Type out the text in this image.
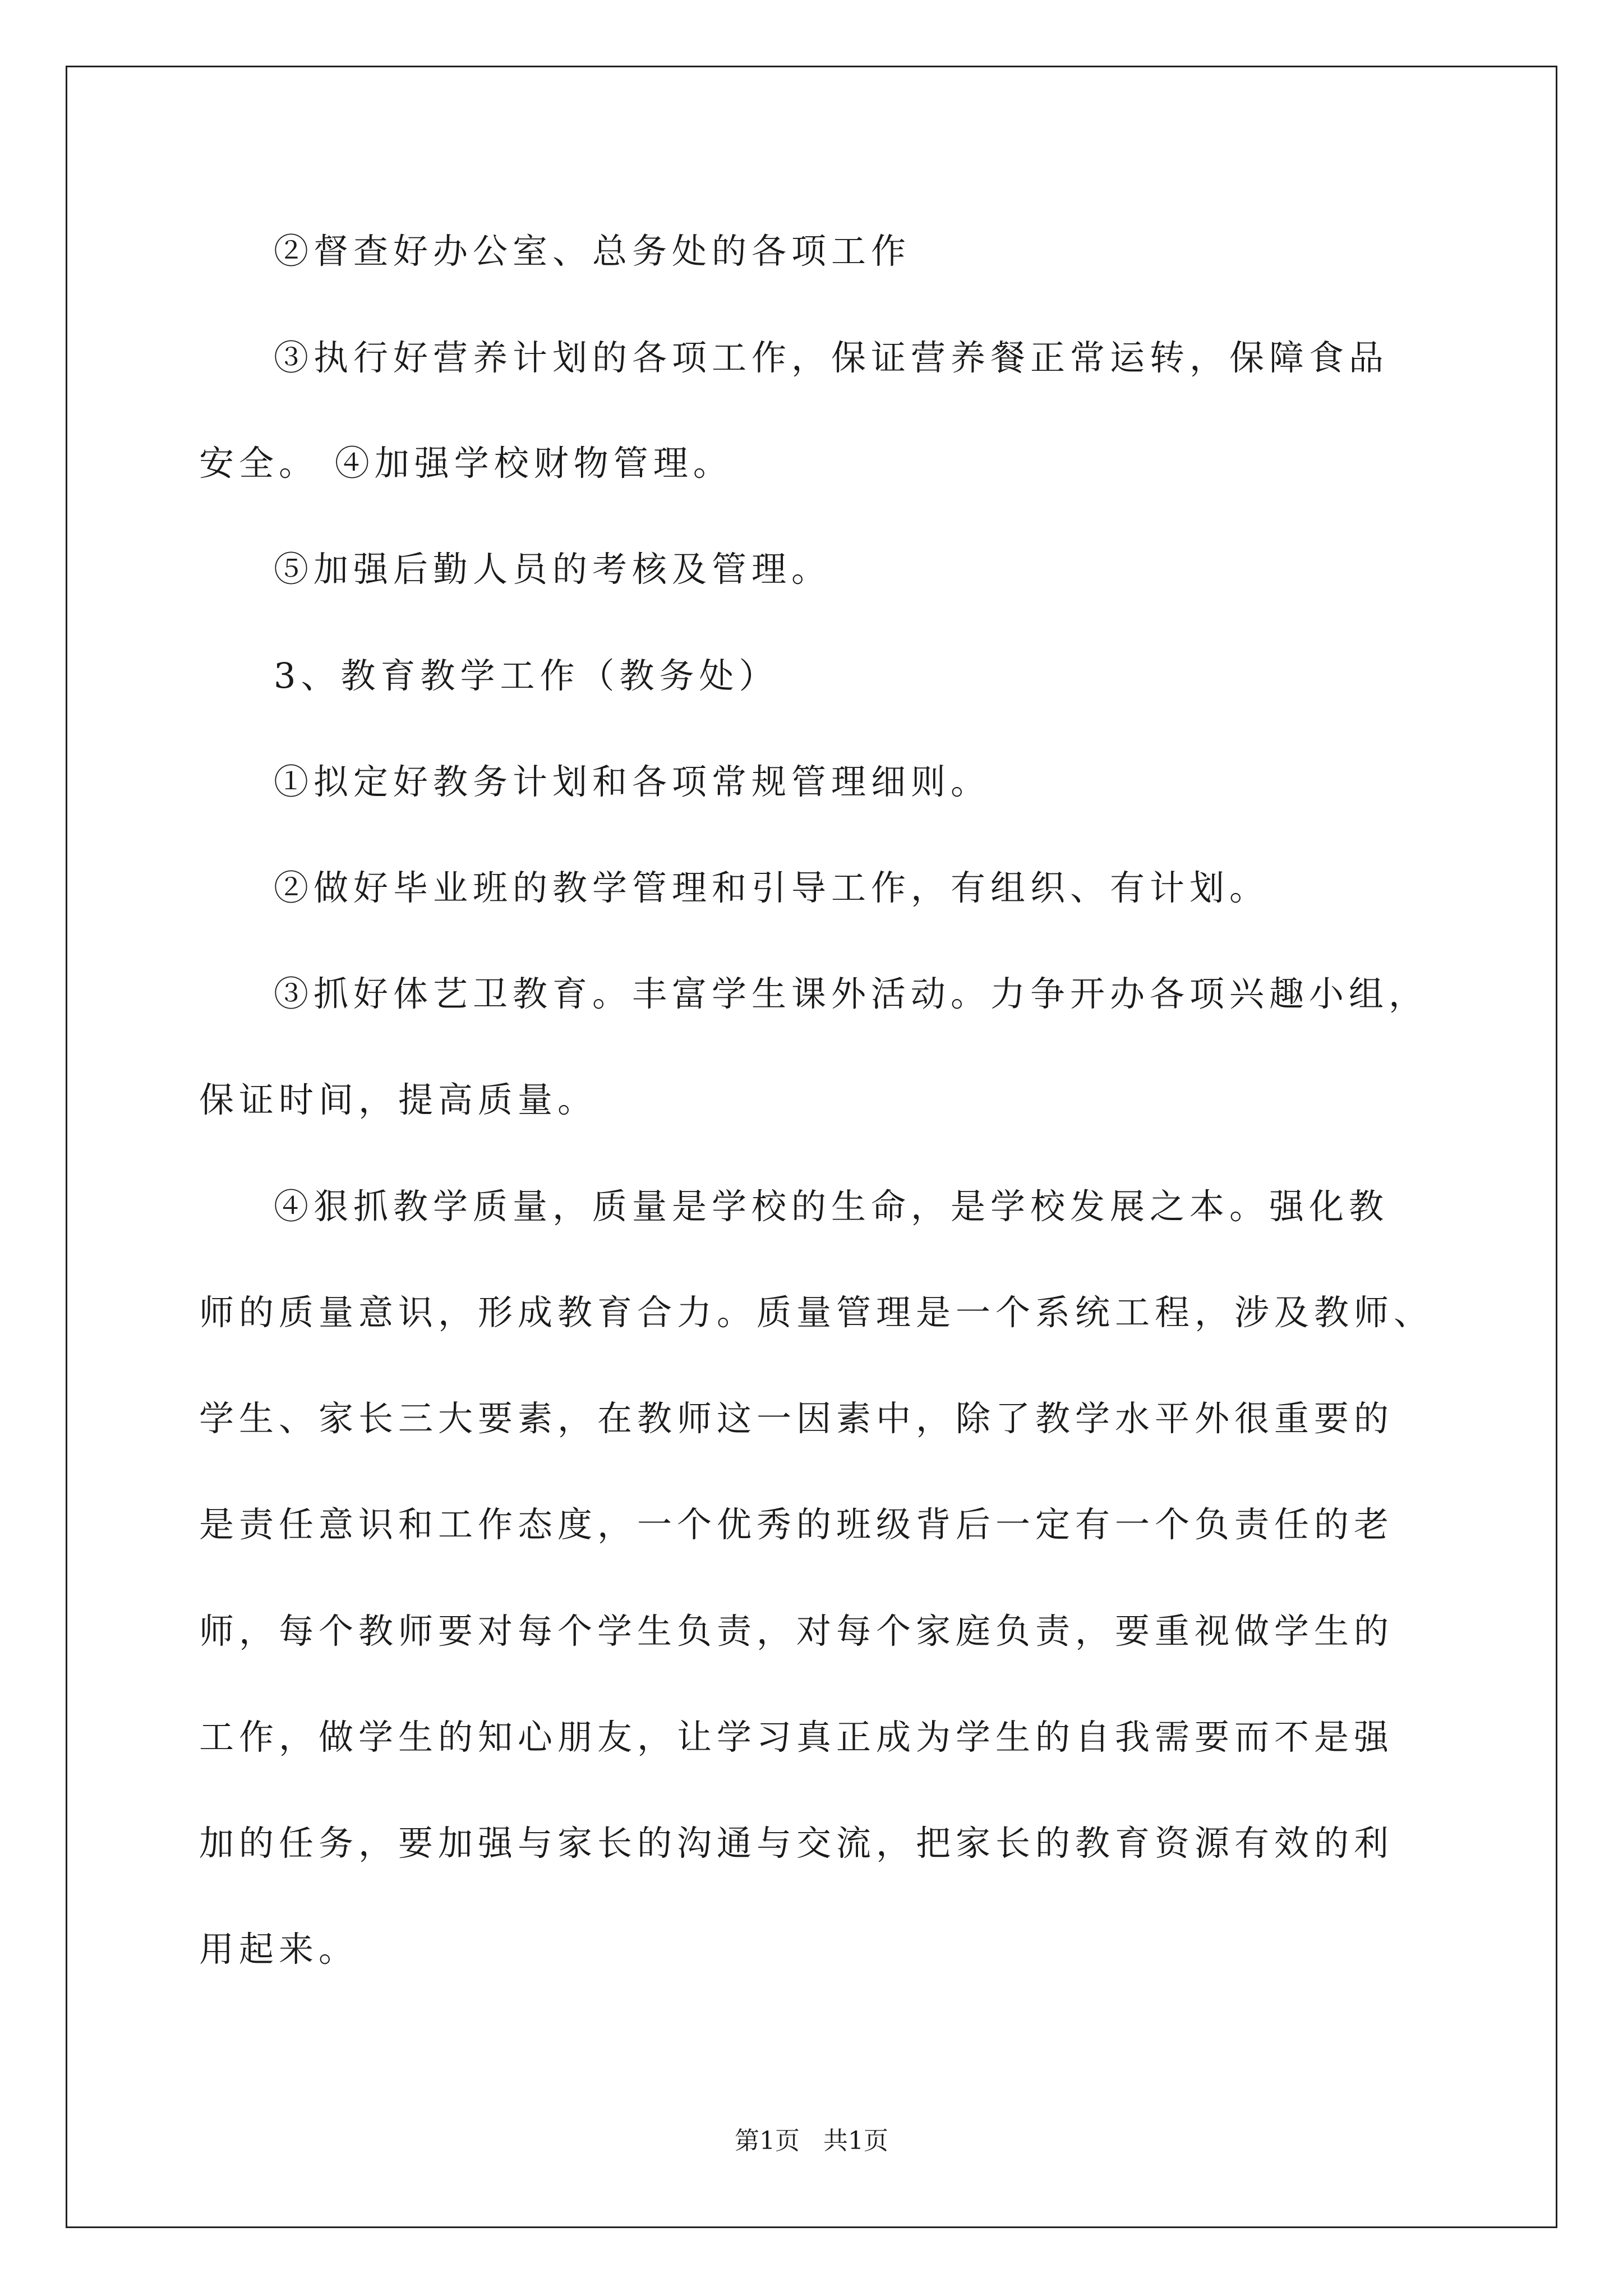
②督查好办公室、总务处的各项工作
③执行好营养计划的各项工作，保证营养餐正常运转，保障食品
安全。 ④加强学校财物管理。
⑤加强后勤人员的考核及管理。
3、教育教学工作（教务处）
①拟定好教务计划和各项常规管理细则。
②做好毕业班的教学管理和引导工作，有组织、有计划。
③抓好体艺卫教育。丰富学生课外活动。力争开办各项兴趣小组，
保证时间，提高质量。
④狠抓教学质量，质量是学校的生命，是学校发展之本。强化教
师的质量意识，形成教育合力。质量管理是一个系统工程，涉及教师、
学生、家长三大要素，在教师这一因素中，除了教学水平外很重要的
是责任意识和工作态度，一个优秀的班级背后一定有一个负责任的老
师，每个教师要对每个学生负责，对每个家庭负责，要重视做学生的
工作，做学生的知心朋友，让学习真正成为学生的自我需要而不是强
加的任务，要加强与家长的沟通与交流，把家长的教育资源有效的利
用起来。
第1页   共1页
